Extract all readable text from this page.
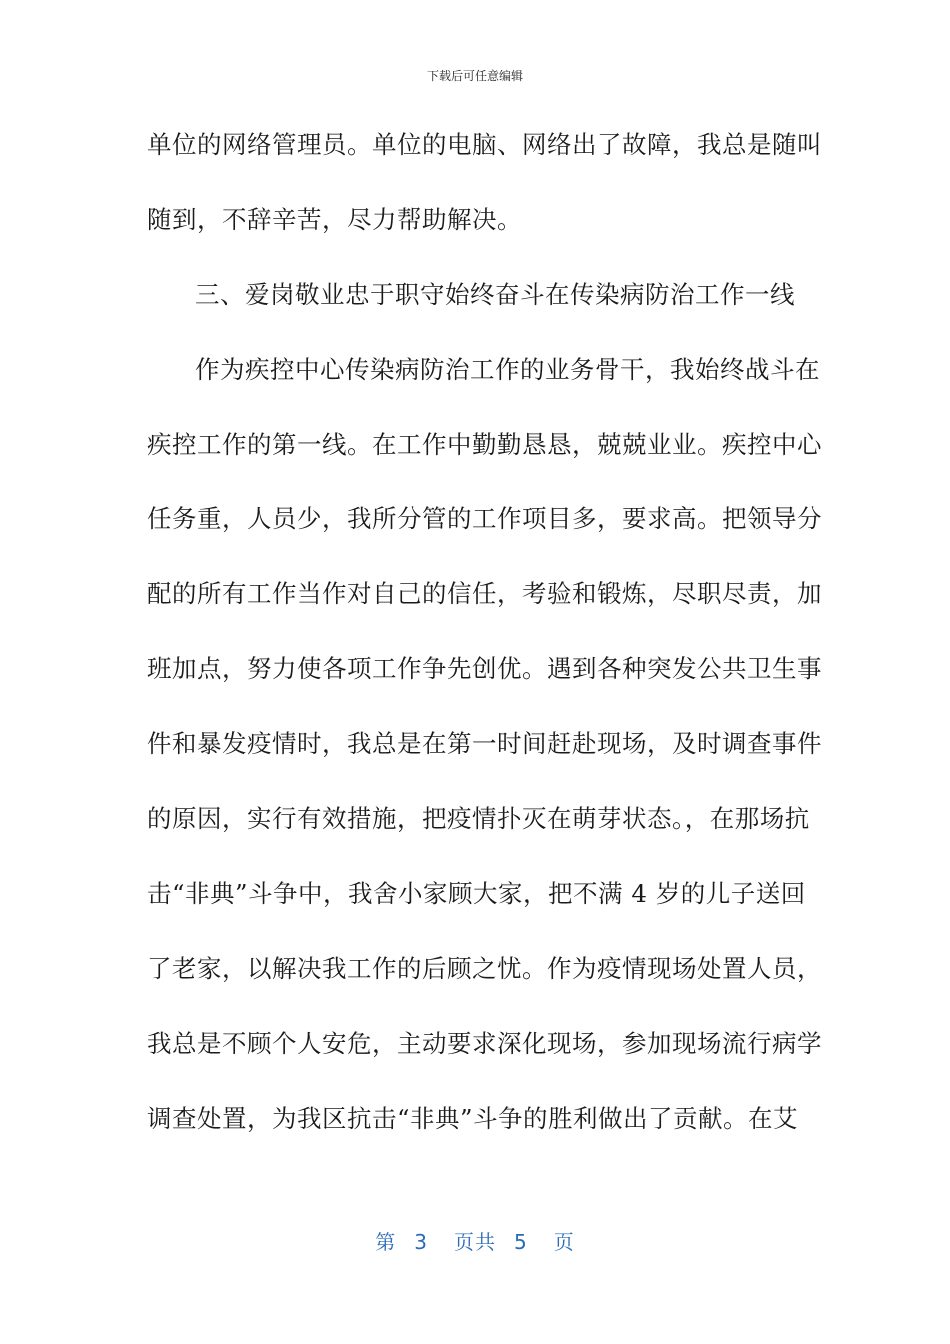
下载后可任意编辑
单位的网络管理员。单位的电脑、网络出了故障，我总是随叫
随到，不辞辛苦，尽力帮助解决。
三、爱岗敬业忠于职守始终奋斗在传染病防治工作一线
作为疾控中心传染病防治工作的业务骨干，我始终战斗在
疾控工作的第一线。在工作中勤勤恳恳，兢兢业业。疾控中心
任务重，人员少，我所分管的工作项目多，要求高。把领导分
配的所有工作当作对自己的信任，考验和锻炼，尽职尽责，加
班加点，努力使各项工作争先创优。遇到各种突发公共卫生事
件和暴发疫情时，我总是在第一时间赶赴现场，及时调查事件
的原因，实行有效措施，把疫情扑灭在萌芽状态。，在那场抗
击“非典”斗争中，我舍小家顾大家，把不满 4 岁的儿子送回
了老家，以解决我工作的后顾之忧。作为疫情现场处置人员，
我总是不顾个人安危，主动要求深化现场，参加现场流行病学
调查处置，为我区抗击“非典”斗争的胜利做出了贡献。在艾
第 3 页共 5 页
